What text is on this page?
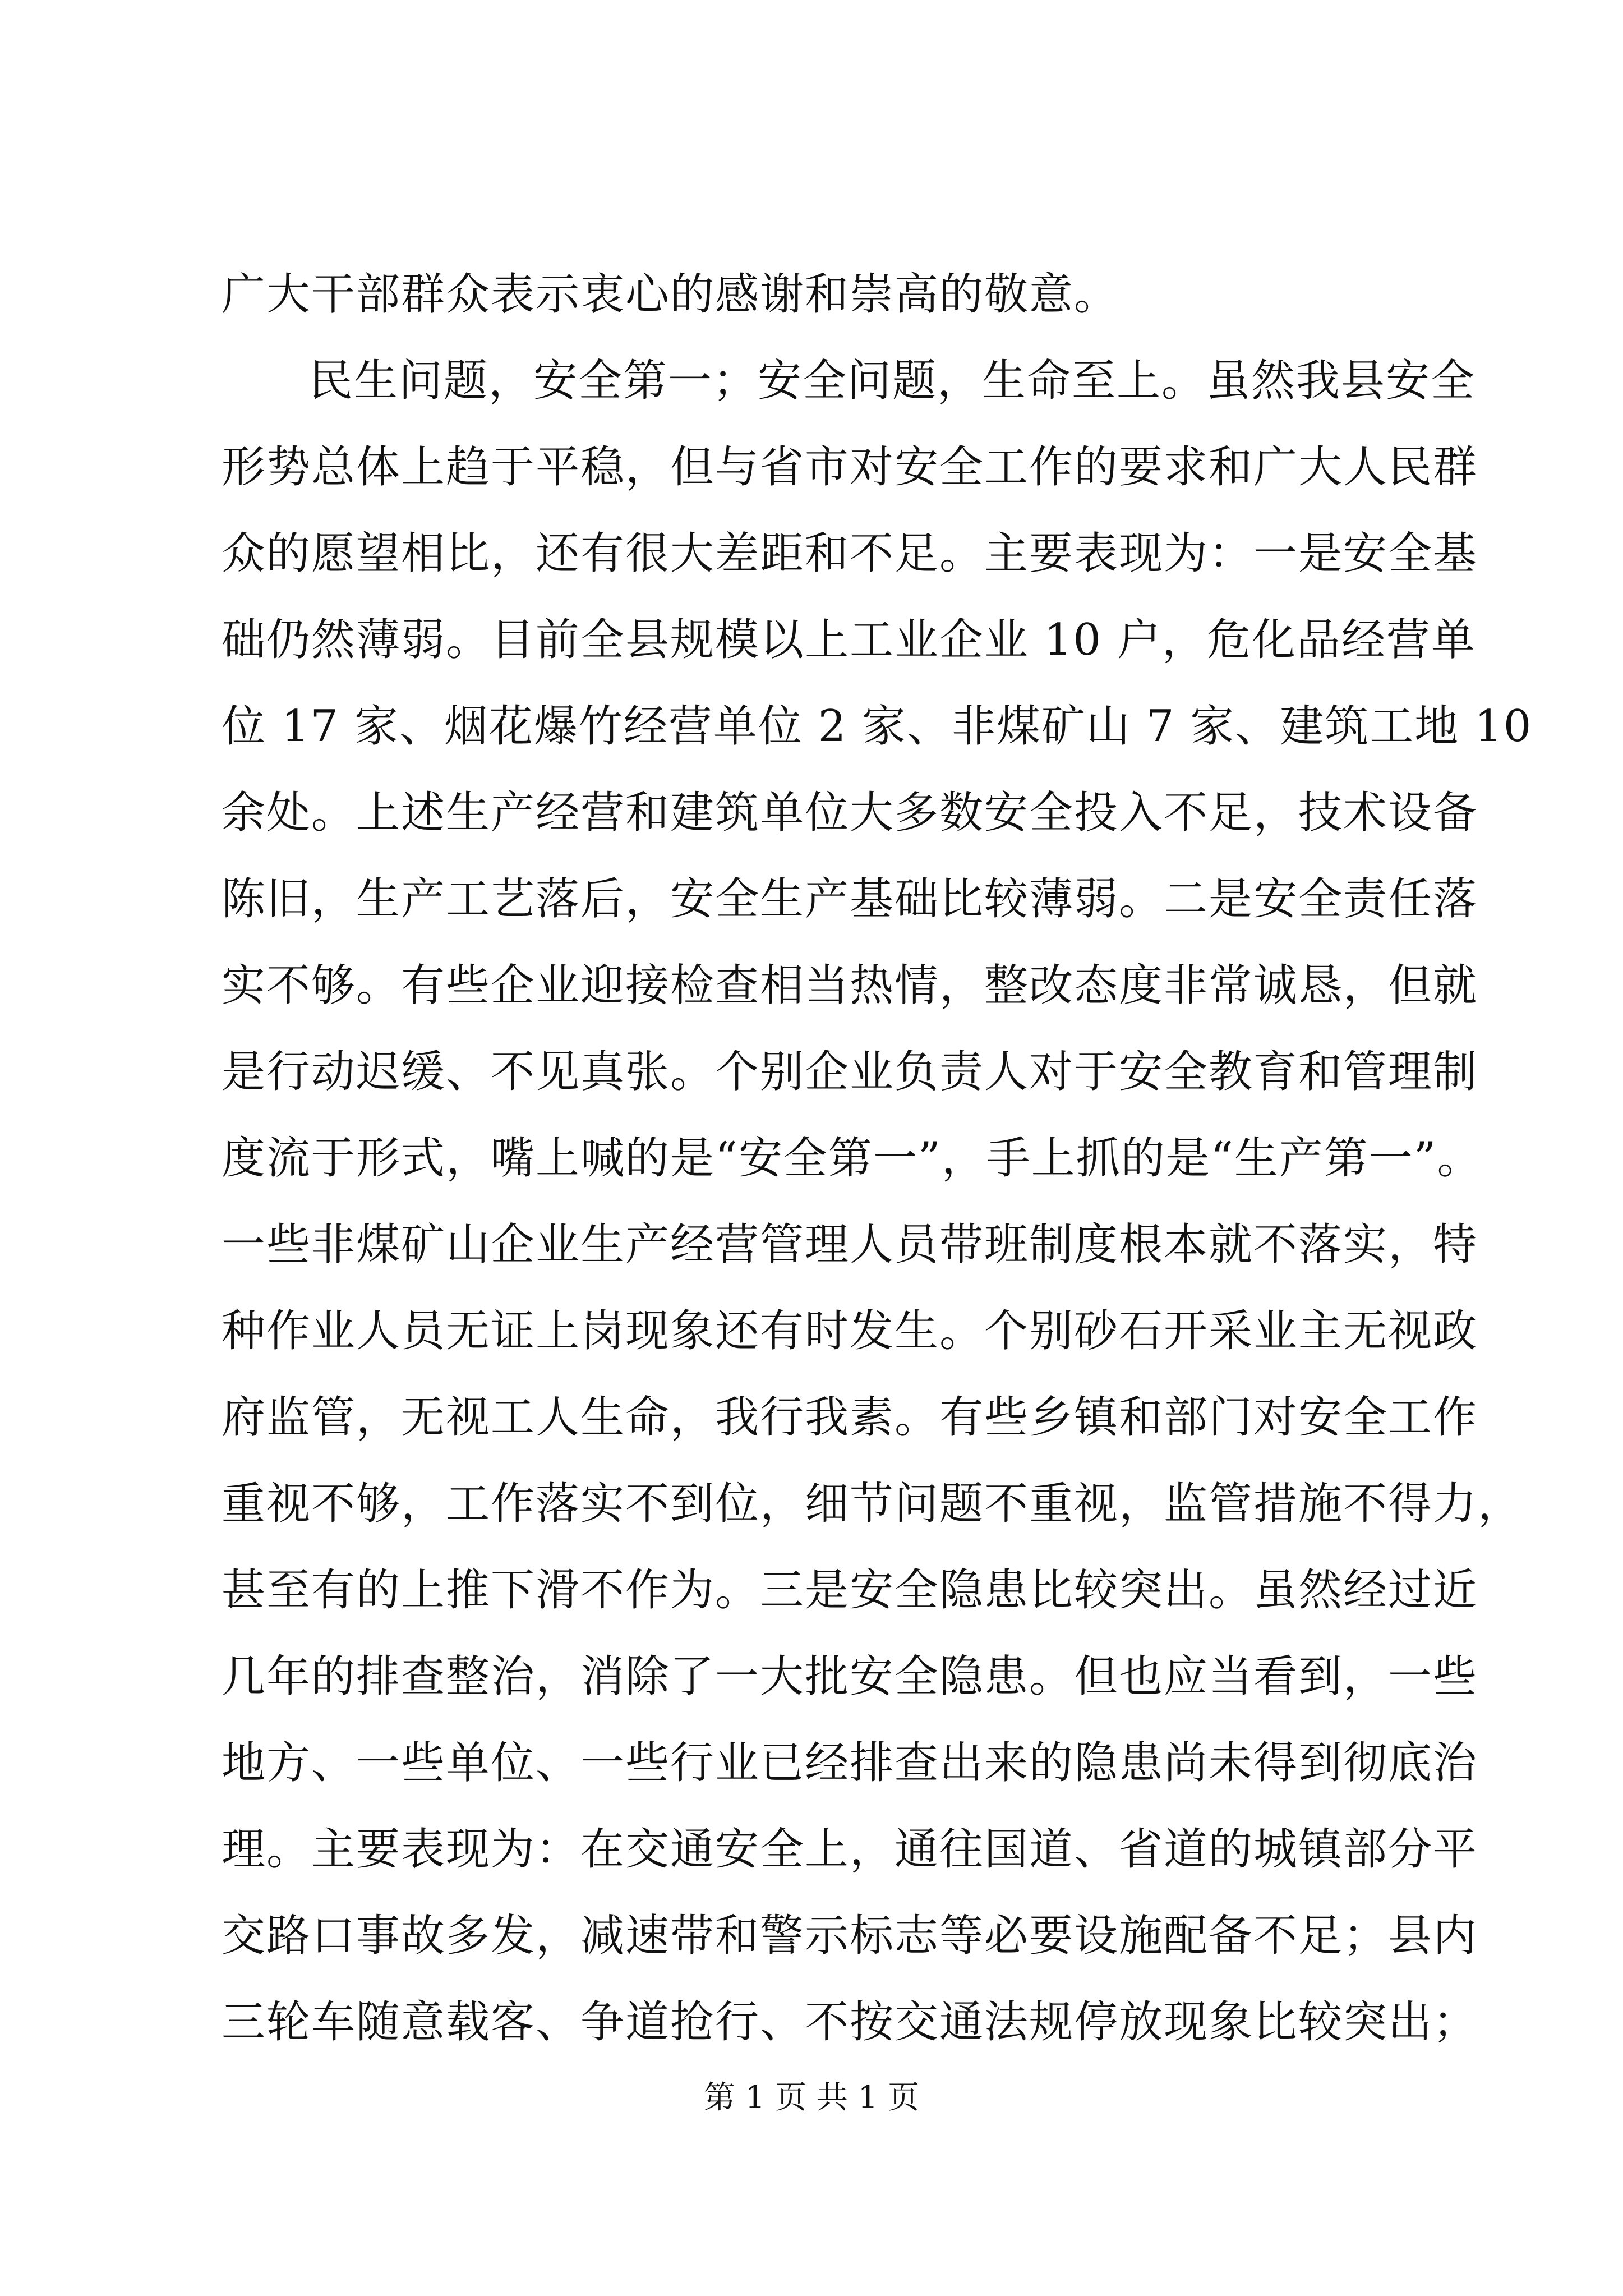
广大干部群众表示衷心的感谢和崇高的敬意。
民生问题，安全第一；安全问题，生命至上。虽然我县安全
形势总体上趋于平稳，但与省市对安全工作的要求和广大人民群
众的愿望相比，还有很大差距和不足。主要表现为：一是安全基
础仍然薄弱。目前全县规模以上工业企业 10 户，危化品经营单
位 17 家、烟花爆竹经营单位 2 家、非煤矿山 7 家、建筑工地 10
余处。上述生产经营和建筑单位大多数安全投入不足，技术设备
陈旧，生产工艺落后，安全生产基础比较薄弱。二是安全责任落
实不够。有些企业迎接检查相当热情，整改态度非常诚恳，但就
是行动迟缓、不见真张。个别企业负责人对于安全教育和管理制
度流于形式，嘴上喊的是“安全第一”，手上抓的是“生产第一”。
一些非煤矿山企业生产经营管理人员带班制度根本就不落实，特
种作业人员无证上岗现象还有时发生。个别砂石开采业主无视政
府监管，无视工人生命，我行我素。有些乡镇和部门对安全工作
重视不够，工作落实不到位，细节问题不重视，监管措施不得力，
甚至有的上推下滑不作为。三是安全隐患比较突出。虽然经过近
几年的排查整治，消除了一大批安全隐患。但也应当看到，一些
地方、一些单位、一些行业已经排查出来的隐患尚未得到彻底治
理。主要表现为：在交通安全上，通往国道、省道的城镇部分平
交路口事故多发，减速带和警示标志等必要设施配备不足；县内
三轮车随意载客、争道抢行、不按交通法规停放现象比较突出；
第 1 页 共 1 页
